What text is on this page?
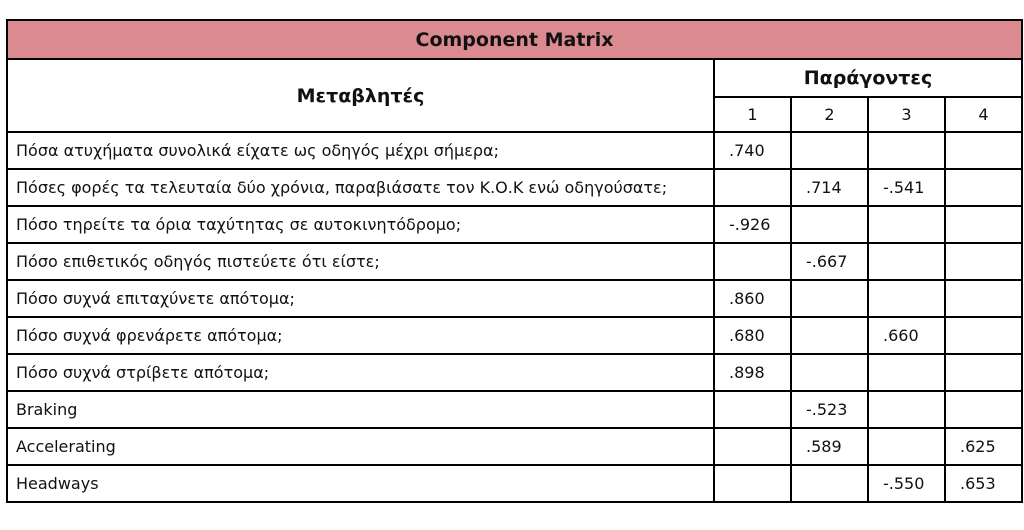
Component Matrix				
Μεταβλητές	Παράγοντες			
	1	2	3	4
Πόσα ατυχήματα συνολικά είχατε ως οδηγός μέχρι σήμερα;	.740			
Πόσες φορές τα τελευταία δύο χρόνια, παραβιάσατε τον Κ.Ο.Κ ενώ οδηγούσατε;		.714	-.541	
Πόσο τηρείτε τα όρια ταχύτητας σε αυτοκινητόδρομο;	-.926			
Πόσο επιθετικός οδηγός πιστεύετε ότι είστε;		-.667		
Πόσο συχνά επιταχύνετε απότομα;	.860			
Πόσο συχνά φρενάρετε απότομα;	.680		.660	
Πόσο συχνά στρίβετε απότομα;	.898			
Braking		-.523		
Accelerating		.589		.625
Headways			-.550	.653
